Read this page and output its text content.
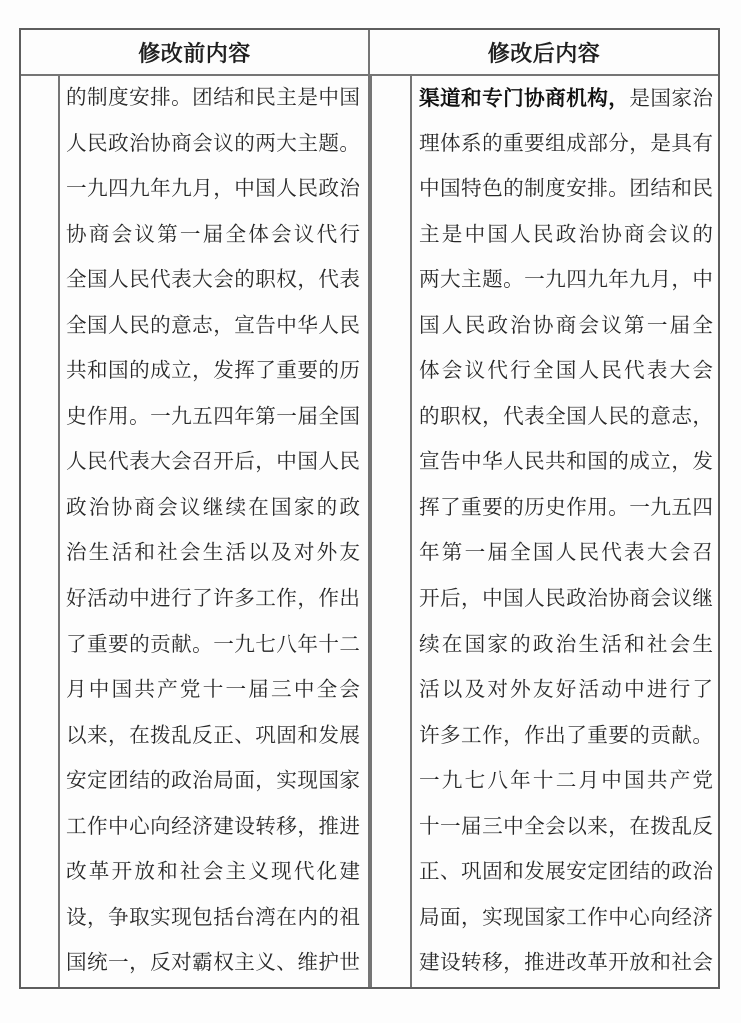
修改前内容	修改后内容
的制度安排。团结和民主是中国
人民政治协商会议的两大主题。
一九四九年九月，中国人民政治
协商会议第一届全体会议代行
全国人民代表大会的职权，代表
全国人民的意志，宣告中华人民
共和国的成立，发挥了重要的历
史作用。一九五四年第一届全国
人民代表大会召开后，中国人民
政治协商会议继续在国家的政
治生活和社会生活以及对外友
好活动中进行了许多工作，作出
了重要的贡献。一九七八年十二
月中国共产党十一届三中全会
以来，在拨乱反正、巩固和发展
安定团结的政治局面，实现国家
工作中心向经济建设转移，推进
改革开放和社会主义现代化建
设，争取实现包括台湾在内的祖
国统一，反对霸权主义、维护世
渠道和专门协商机构，是国家治
理体系的重要组成部分，是具有
中国特色的制度安排。团结和民
主是中国人民政治协商会议的
两大主题。一九四九年九月，中
国人民政治协商会议第一届全
体会议代行全国人民代表大会
的职权，代表全国人民的意志，
宣告中华人民共和国的成立，发
挥了重要的历史作用。一九五四
年第一届全国人民代表大会召
开后，中国人民政治协商会议继
续在国家的政治生活和社会生
活以及对外友好活动中进行了
许多工作，作出了重要的贡献。
一九七八年十二月中国共产党
十一届三中全会以来，在拨乱反
正、巩固和发展安定团结的政治
局面，实现国家工作中心向经济
建设转移，推进改革开放和社会
